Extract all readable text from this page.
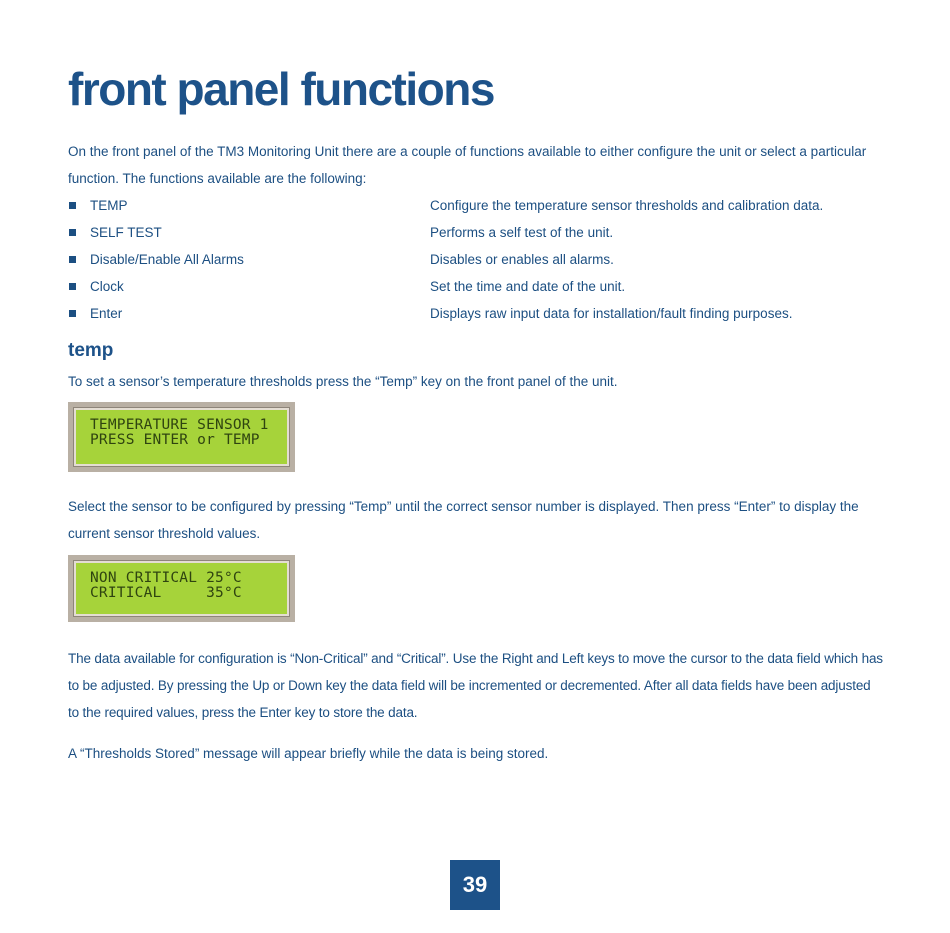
front panel functions

On the front panel of the TM3 Monitoring Unit there are a couple of functions available to either configure the unit or select a particular function. The functions available are the following:

TEMP	Configure the temperature sensor thresholds and calibration data.
SELF TEST	Performs a self test of the unit.
Disable/Enable All Alarms	Disables or enables all alarms.
Clock	Set the time and date of the unit.
Enter	Displays raw input data for installation/fault finding purposes.
temp

To set a sensor’s temperature thresholds press the “Temp” key on the front panel of the unit.

TEMPERATURE SENSOR 1
PRESS ENTER or TEMP

Select the sensor to be configured by pressing “Temp” until the correct sensor number is displayed. Then press “Enter” to display the current sensor threshold values.

NON CRITICAL 25°C
CRITICAL     35°C

The data available for configuration is “Non-Critical” and “Critical”. Use the Right and Left keys to move the cursor to the data field which has to be adjusted. By pressing the Up or Down key the data field will be incremented or decremented. After all data fields have been adjusted to the required values, press the Enter key to store the data.

A “Thresholds Stored” message will appear briefly while the data is being stored.

39
